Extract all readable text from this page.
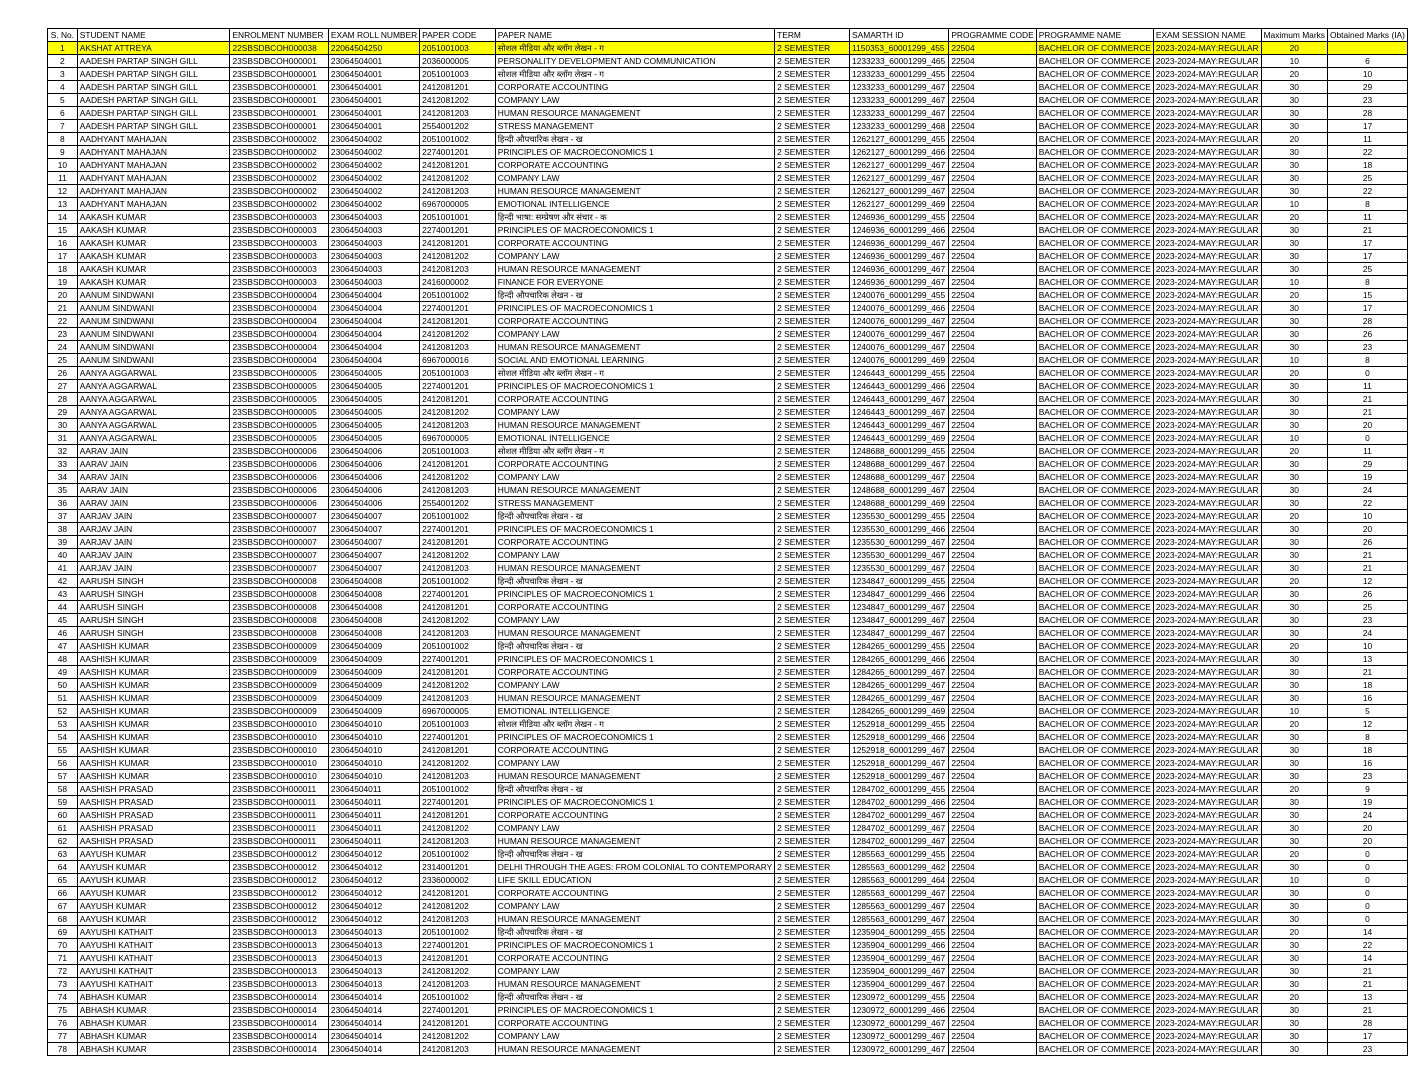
S. No.	STUDENT NAME	ENROLMENT NUMBER	EXAM ROLL NUMBER	PAPER CODE	PAPER NAME	TERM	SAMARTH ID	PROGRAMME CODE	PROGRAMME NAME	EXAM SESSION NAME	Maximum Marks	Obtained Marks (IA)
1	AKSHAT ATTREYA	22SBSDBCOH000038	22064504250	2051001003	सोशल मीडिया और ब्लॉग लेखन - ग	2 SEMESTER	1150353_60001299_455	22504	BACHELOR OF COMMERCE	2023-2024-MAY:REGULAR	20	
2	AADESH PARTAP SINGH GILL	23SBSDBCOH000001	23064504001	2036000005	PERSONALITY DEVELOPMENT AND COMMUNICATION	2 SEMESTER	1233233_60001299_465	22504	BACHELOR OF COMMERCE	2023-2024-MAY:REGULAR	10	6
3	AADESH PARTAP SINGH GILL	23SBSDBCOH000001	23064504001	2051001003	सोशल मीडिया और ब्लॉग लेखन - ग	2 SEMESTER	1233233_60001299_455	22504	BACHELOR OF COMMERCE	2023-2024-MAY:REGULAR	20	10
4	AADESH PARTAP SINGH GILL	23SBSDBCOH000001	23064504001	2412081201	CORPORATE ACCOUNTING	2 SEMESTER	1233233_60001299_467	22504	BACHELOR OF COMMERCE	2023-2024-MAY:REGULAR	30	29
5	AADESH PARTAP SINGH GILL	23SBSDBCOH000001	23064504001	2412081202	COMPANY LAW	2 SEMESTER	1233233_60001299_467	22504	BACHELOR OF COMMERCE	2023-2024-MAY:REGULAR	30	23
6	AADESH PARTAP SINGH GILL	23SBSDBCOH000001	23064504001	2412081203	HUMAN RESOURCE MANAGEMENT	2 SEMESTER	1233233_60001299_467	22504	BACHELOR OF COMMERCE	2023-2024-MAY:REGULAR	30	28
7	AADESH PARTAP SINGH GILL	23SBSDBCOH000001	23064504001	2554001202	STRESS MANAGEMENT	2 SEMESTER	1233233_60001299_468	22504	BACHELOR OF COMMERCE	2023-2024-MAY:REGULAR	30	17
8	AADHYANT MAHAJAN	23SBSDBCOH000002	23064504002	2051001002	हिन्दी औपचारिक लेखन - ख	2 SEMESTER	1262127_60001299_455	22504	BACHELOR OF COMMERCE	2023-2024-MAY:REGULAR	20	11
9	AADHYANT MAHAJAN	23SBSDBCOH000002	23064504002	2274001201	PRINCIPLES OF MACROECONOMICS 1	2 SEMESTER	1262127_60001299_466	22504	BACHELOR OF COMMERCE	2023-2024-MAY:REGULAR	30	22
10	AADHYANT MAHAJAN	23SBSDBCOH000002	23064504002	2412081201	CORPORATE ACCOUNTING	2 SEMESTER	1262127_60001299_467	22504	BACHELOR OF COMMERCE	2023-2024-MAY:REGULAR	30	18
11	AADHYANT MAHAJAN	23SBSDBCOH000002	23064504002	2412081202	COMPANY LAW	2 SEMESTER	1262127_60001299_467	22504	BACHELOR OF COMMERCE	2023-2024-MAY:REGULAR	30	25
12	AADHYANT MAHAJAN	23SBSDBCOH000002	23064504002	2412081203	HUMAN RESOURCE MANAGEMENT	2 SEMESTER	1262127_60001299_467	22504	BACHELOR OF COMMERCE	2023-2024-MAY:REGULAR	30	22
13	AADHYANT MAHAJAN	23SBSDBCOH000002	23064504002	6967000005	EMOTIONAL INTELLIGENCE	2 SEMESTER	1262127_60001299_469	22504	BACHELOR OF COMMERCE	2023-2024-MAY:REGULAR	10	8
14	AAKASH KUMAR	23SBSDBCOH000003	23064504003	2051001001	हिन्दी भाषा: सम्प्रेषण और संचार - क	2 SEMESTER	1246936_60001299_455	22504	BACHELOR OF COMMERCE	2023-2024-MAY:REGULAR	20	11
15	AAKASH KUMAR	23SBSDBCOH000003	23064504003	2274001201	PRINCIPLES OF MACROECONOMICS 1	2 SEMESTER	1246936_60001299_466	22504	BACHELOR OF COMMERCE	2023-2024-MAY:REGULAR	30	21
16	AAKASH KUMAR	23SBSDBCOH000003	23064504003	2412081201	CORPORATE ACCOUNTING	2 SEMESTER	1246936_60001299_467	22504	BACHELOR OF COMMERCE	2023-2024-MAY:REGULAR	30	17
17	AAKASH KUMAR	23SBSDBCOH000003	23064504003	2412081202	COMPANY LAW	2 SEMESTER	1246936_60001299_467	22504	BACHELOR OF COMMERCE	2023-2024-MAY:REGULAR	30	17
18	AAKASH KUMAR	23SBSDBCOH000003	23064504003	2412081203	HUMAN RESOURCE MANAGEMENT	2 SEMESTER	1246936_60001299_467	22504	BACHELOR OF COMMERCE	2023-2024-MAY:REGULAR	30	25
19	AAKASH KUMAR	23SBSDBCOH000003	23064504003	2416000002	FINANCE FOR EVERYONE	2 SEMESTER	1246936_60001299_467	22504	BACHELOR OF COMMERCE	2023-2024-MAY:REGULAR	10	8
20	AANUM SINDWANI	23SBSDBCOH000004	23064504004	2051001002	हिन्दी औपचारिक लेखन - ख	2 SEMESTER	1240076_60001299_455	22504	BACHELOR OF COMMERCE	2023-2024-MAY:REGULAR	20	15
21	AANUM SINDWANI	23SBSDBCOH000004	23064504004	2274001201	PRINCIPLES OF MACROECONOMICS 1	2 SEMESTER	1240076_60001299_466	22504	BACHELOR OF COMMERCE	2023-2024-MAY:REGULAR	30	17
22	AANUM SINDWANI	23SBSDBCOH000004	23064504004	2412081201	CORPORATE ACCOUNTING	2 SEMESTER	1240076_60001299_467	22504	BACHELOR OF COMMERCE	2023-2024-MAY:REGULAR	30	28
23	AANUM SINDWANI	23SBSDBCOH000004	23064504004	2412081202	COMPANY LAW	2 SEMESTER	1240076_60001299_467	22504	BACHELOR OF COMMERCE	2023-2024-MAY:REGULAR	30	26
24	AANUM SINDWANI	23SBSDBCOH000004	23064504004	2412081203	HUMAN RESOURCE MANAGEMENT	2 SEMESTER	1240076_60001299_467	22504	BACHELOR OF COMMERCE	2023-2024-MAY:REGULAR	30	23
25	AANUM SINDWANI	23SBSDBCOH000004	23064504004	6967000016	SOCIAL AND EMOTIONAL LEARNING	2 SEMESTER	1240076_60001299_469	22504	BACHELOR OF COMMERCE	2023-2024-MAY:REGULAR	10	8
26	AANYA AGGARWAL	23SBSDBCOH000005	23064504005	2051001003	सोशल मीडिया और ब्लॉग लेखन - ग	2 SEMESTER	1246443_60001299_455	22504	BACHELOR OF COMMERCE	2023-2024-MAY:REGULAR	20	0
27	AANYA AGGARWAL	23SBSDBCOH000005	23064504005	2274001201	PRINCIPLES OF MACROECONOMICS 1	2 SEMESTER	1246443_60001299_466	22504	BACHELOR OF COMMERCE	2023-2024-MAY:REGULAR	30	11
28	AANYA AGGARWAL	23SBSDBCOH000005	23064504005	2412081201	CORPORATE ACCOUNTING	2 SEMESTER	1246443_60001299_467	22504	BACHELOR OF COMMERCE	2023-2024-MAY:REGULAR	30	21
29	AANYA AGGARWAL	23SBSDBCOH000005	23064504005	2412081202	COMPANY LAW	2 SEMESTER	1246443_60001299_467	22504	BACHELOR OF COMMERCE	2023-2024-MAY:REGULAR	30	21
30	AANYA AGGARWAL	23SBSDBCOH000005	23064504005	2412081203	HUMAN RESOURCE MANAGEMENT	2 SEMESTER	1246443_60001299_467	22504	BACHELOR OF COMMERCE	2023-2024-MAY:REGULAR	30	20
31	AANYA AGGARWAL	23SBSDBCOH000005	23064504005	6967000005	EMOTIONAL INTELLIGENCE	2 SEMESTER	1246443_60001299_469	22504	BACHELOR OF COMMERCE	2023-2024-MAY:REGULAR	10	0
32	AARAV JAIN	23SBSDBCOH000006	23064504006	2051001003	सोशल मीडिया और ब्लॉग लेखन - ग	2 SEMESTER	1248688_60001299_455	22504	BACHELOR OF COMMERCE	2023-2024-MAY:REGULAR	20	11
33	AARAV JAIN	23SBSDBCOH000006	23064504006	2412081201	CORPORATE ACCOUNTING	2 SEMESTER	1248688_60001299_467	22504	BACHELOR OF COMMERCE	2023-2024-MAY:REGULAR	30	29
34	AARAV JAIN	23SBSDBCOH000006	23064504006	2412081202	COMPANY LAW	2 SEMESTER	1248688_60001299_467	22504	BACHELOR OF COMMERCE	2023-2024-MAY:REGULAR	30	19
35	AARAV JAIN	23SBSDBCOH000006	23064504006	2412081203	HUMAN RESOURCE MANAGEMENT	2 SEMESTER	1248688_60001299_467	22504	BACHELOR OF COMMERCE	2023-2024-MAY:REGULAR	30	24
36	AARAV JAIN	23SBSDBCOH000006	23064504006	2554001202	STRESS MANAGEMENT	2 SEMESTER	1248688_60001299_469	22504	BACHELOR OF COMMERCE	2023-2024-MAY:REGULAR	30	22
37	AARJAV JAIN	23SBSDBCOH000007	23064504007	2051001002	हिन्दी औपचारिक लेखन - ख	2 SEMESTER	1235530_60001299_455	22504	BACHELOR OF COMMERCE	2023-2024-MAY:REGULAR	20	10
38	AARJAV JAIN	23SBSDBCOH000007	23064504007	2274001201	PRINCIPLES OF MACROECONOMICS 1	2 SEMESTER	1235530_60001299_466	22504	BACHELOR OF COMMERCE	2023-2024-MAY:REGULAR	30	20
39	AARJAV JAIN	23SBSDBCOH000007	23064504007	2412081201	CORPORATE ACCOUNTING	2 SEMESTER	1235530_60001299_467	22504	BACHELOR OF COMMERCE	2023-2024-MAY:REGULAR	30	26
40	AARJAV JAIN	23SBSDBCOH000007	23064504007	2412081202	COMPANY LAW	2 SEMESTER	1235530_60001299_467	22504	BACHELOR OF COMMERCE	2023-2024-MAY:REGULAR	30	21
41	AARJAV JAIN	23SBSDBCOH000007	23064504007	2412081203	HUMAN RESOURCE MANAGEMENT	2 SEMESTER	1235530_60001299_467	22504	BACHELOR OF COMMERCE	2023-2024-MAY:REGULAR	30	21
42	AARUSH SINGH	23SBSDBCOH000008	23064504008	2051001002	हिन्दी औपचारिक लेखन - ख	2 SEMESTER	1234847_60001299_455	22504	BACHELOR OF COMMERCE	2023-2024-MAY:REGULAR	20	12
43	AARUSH SINGH	23SBSDBCOH000008	23064504008	2274001201	PRINCIPLES OF MACROECONOMICS 1	2 SEMESTER	1234847_60001299_466	22504	BACHELOR OF COMMERCE	2023-2024-MAY:REGULAR	30	26
44	AARUSH SINGH	23SBSDBCOH000008	23064504008	2412081201	CORPORATE ACCOUNTING	2 SEMESTER	1234847_60001299_467	22504	BACHELOR OF COMMERCE	2023-2024-MAY:REGULAR	30	25
45	AARUSH SINGH	23SBSDBCOH000008	23064504008	2412081202	COMPANY LAW	2 SEMESTER	1234847_60001299_467	22504	BACHELOR OF COMMERCE	2023-2024-MAY:REGULAR	30	23
46	AARUSH SINGH	23SBSDBCOH000008	23064504008	2412081203	HUMAN RESOURCE MANAGEMENT	2 SEMESTER	1234847_60001299_467	22504	BACHELOR OF COMMERCE	2023-2024-MAY:REGULAR	30	24
47	AASHISH KUMAR	23SBSDBCOH000009	23064504009	2051001002	हिन्दी औपचारिक लेखन - ख	2 SEMESTER	1284265_60001299_455	22504	BACHELOR OF COMMERCE	2023-2024-MAY:REGULAR	20	10
48	AASHISH KUMAR	23SBSDBCOH000009	23064504009	2274001201	PRINCIPLES OF MACROECONOMICS 1	2 SEMESTER	1284265_60001299_466	22504	BACHELOR OF COMMERCE	2023-2024-MAY:REGULAR	30	13
49	AASHISH KUMAR	23SBSDBCOH000009	23064504009	2412081201	CORPORATE ACCOUNTING	2 SEMESTER	1284265_60001299_467	22504	BACHELOR OF COMMERCE	2023-2024-MAY:REGULAR	30	21
50	AASHISH KUMAR	23SBSDBCOH000009	23064504009	2412081202	COMPANY LAW	2 SEMESTER	1284265_60001299_467	22504	BACHELOR OF COMMERCE	2023-2024-MAY:REGULAR	30	18
51	AASHISH KUMAR	23SBSDBCOH000009	23064504009	2412081203	HUMAN RESOURCE MANAGEMENT	2 SEMESTER	1284265_60001299_467	22504	BACHELOR OF COMMERCE	2023-2024-MAY:REGULAR	30	16
52	AASHISH KUMAR	23SBSDBCOH000009	23064504009	6967000005	EMOTIONAL INTELLIGENCE	2 SEMESTER	1284265_60001299_469	22504	BACHELOR OF COMMERCE	2023-2024-MAY:REGULAR	10	5
53	AASHISH KUMAR	23SBSDBCOH000010	23064504010	2051001003	सोशल मीडिया और ब्लॉग लेखन - ग	2 SEMESTER	1252918_60001299_455	22504	BACHELOR OF COMMERCE	2023-2024-MAY:REGULAR	20	12
54	AASHISH KUMAR	23SBSDBCOH000010	23064504010	2274001201	PRINCIPLES OF MACROECONOMICS 1	2 SEMESTER	1252918_60001299_466	22504	BACHELOR OF COMMERCE	2023-2024-MAY:REGULAR	30	8
55	AASHISH KUMAR	23SBSDBCOH000010	23064504010	2412081201	CORPORATE ACCOUNTING	2 SEMESTER	1252918_60001299_467	22504	BACHELOR OF COMMERCE	2023-2024-MAY:REGULAR	30	18
56	AASHISH KUMAR	23SBSDBCOH000010	23064504010	2412081202	COMPANY LAW	2 SEMESTER	1252918_60001299_467	22504	BACHELOR OF COMMERCE	2023-2024-MAY:REGULAR	30	16
57	AASHISH KUMAR	23SBSDBCOH000010	23064504010	2412081203	HUMAN RESOURCE MANAGEMENT	2 SEMESTER	1252918_60001299_467	22504	BACHELOR OF COMMERCE	2023-2024-MAY:REGULAR	30	23
58	AASHISH PRASAD	23SBSDBCOH000011	23064504011	2051001002	हिन्दी औपचारिक लेखन - ख	2 SEMESTER	1284702_60001299_455	22504	BACHELOR OF COMMERCE	2023-2024-MAY:REGULAR	20	9
59	AASHISH PRASAD	23SBSDBCOH000011	23064504011	2274001201	PRINCIPLES OF MACROECONOMICS 1	2 SEMESTER	1284702_60001299_466	22504	BACHELOR OF COMMERCE	2023-2024-MAY:REGULAR	30	19
60	AASHISH PRASAD	23SBSDBCOH000011	23064504011	2412081201	CORPORATE ACCOUNTING	2 SEMESTER	1284702_60001299_467	22504	BACHELOR OF COMMERCE	2023-2024-MAY:REGULAR	30	24
61	AASHISH PRASAD	23SBSDBCOH000011	23064504011	2412081202	COMPANY LAW	2 SEMESTER	1284702_60001299_467	22504	BACHELOR OF COMMERCE	2023-2024-MAY:REGULAR	30	20
62	AASHISH PRASAD	23SBSDBCOH000011	23064504011	2412081203	HUMAN RESOURCE MANAGEMENT	2 SEMESTER	1284702_60001299_467	22504	BACHELOR OF COMMERCE	2023-2024-MAY:REGULAR	30	20
63	AAYUSH KUMAR	23SBSDBCOH000012	23064504012	2051001002	हिन्दी औपचारिक लेखन - ख	2 SEMESTER	1285563_60001299_455	22504	BACHELOR OF COMMERCE	2023-2024-MAY:REGULAR	20	0
64	AAYUSH KUMAR	23SBSDBCOH000012	23064504012	2314001201	DELHI THROUGH THE AGES: FROM COLONIAL TO CONTEMPORARY	2 SEMESTER	1285563_60001299_462	22504	BACHELOR OF COMMERCE	2023-2024-MAY:REGULAR	30	0
65	AAYUSH KUMAR	23SBSDBCOH000012	23064504012	2336000002	LIFE SKILL EDUCATION	2 SEMESTER	1285563_60001299_464	22504	BACHELOR OF COMMERCE	2023-2024-MAY:REGULAR	10	0
66	AAYUSH KUMAR	23SBSDBCOH000012	23064504012	2412081201	CORPORATE ACCOUNTING	2 SEMESTER	1285563_60001299_467	22504	BACHELOR OF COMMERCE	2023-2024-MAY:REGULAR	30	0
67	AAYUSH KUMAR	23SBSDBCOH000012	23064504012	2412081202	COMPANY LAW	2 SEMESTER	1285563_60001299_467	22504	BACHELOR OF COMMERCE	2023-2024-MAY:REGULAR	30	0
68	AAYUSH KUMAR	23SBSDBCOH000012	23064504012	2412081203	HUMAN RESOURCE MANAGEMENT	2 SEMESTER	1285563_60001299_467	22504	BACHELOR OF COMMERCE	2023-2024-MAY:REGULAR	30	0
69	AAYUSHI KATHAIT	23SBSDBCOH000013	23064504013	2051001002	हिन्दी औपचारिक लेखन - ख	2 SEMESTER	1235904_60001299_455	22504	BACHELOR OF COMMERCE	2023-2024-MAY:REGULAR	20	14
70	AAYUSHI KATHAIT	23SBSDBCOH000013	23064504013	2274001201	PRINCIPLES OF MACROECONOMICS 1	2 SEMESTER	1235904_60001299_466	22504	BACHELOR OF COMMERCE	2023-2024-MAY:REGULAR	30	22
71	AAYUSHI KATHAIT	23SBSDBCOH000013	23064504013	2412081201	CORPORATE ACCOUNTING	2 SEMESTER	1235904_60001299_467	22504	BACHELOR OF COMMERCE	2023-2024-MAY:REGULAR	30	14
72	AAYUSHI KATHAIT	23SBSDBCOH000013	23064504013	2412081202	COMPANY LAW	2 SEMESTER	1235904_60001299_467	22504	BACHELOR OF COMMERCE	2023-2024-MAY:REGULAR	30	21
73	AAYUSHI KATHAIT	23SBSDBCOH000013	23064504013	2412081203	HUMAN RESOURCE MANAGEMENT	2 SEMESTER	1235904_60001299_467	22504	BACHELOR OF COMMERCE	2023-2024-MAY:REGULAR	30	21
74	ABHASH KUMAR	23SBSDBCOH000014	23064504014	2051001002	हिन्दी औपचारिक लेखन - ख	2 SEMESTER	1230972_60001299_455	22504	BACHELOR OF COMMERCE	2023-2024-MAY:REGULAR	20	13
75	ABHASH KUMAR	23SBSDBCOH000014	23064504014	2274001201	PRINCIPLES OF MACROECONOMICS 1	2 SEMESTER	1230972_60001299_466	22504	BACHELOR OF COMMERCE	2023-2024-MAY:REGULAR	30	21
76	ABHASH KUMAR	23SBSDBCOH000014	23064504014	2412081201	CORPORATE ACCOUNTING	2 SEMESTER	1230972_60001299_467	22504	BACHELOR OF COMMERCE	2023-2024-MAY:REGULAR	30	28
77	ABHASH KUMAR	23SBSDBCOH000014	23064504014	2412081202	COMPANY LAW	2 SEMESTER	1230972_60001299_467	22504	BACHELOR OF COMMERCE	2023-2024-MAY:REGULAR	30	17
78	ABHASH KUMAR	23SBSDBCOH000014	23064504014	2412081203	HUMAN RESOURCE MANAGEMENT	2 SEMESTER	1230972_60001299_467	22504	BACHELOR OF COMMERCE	2023-2024-MAY:REGULAR	30	23
